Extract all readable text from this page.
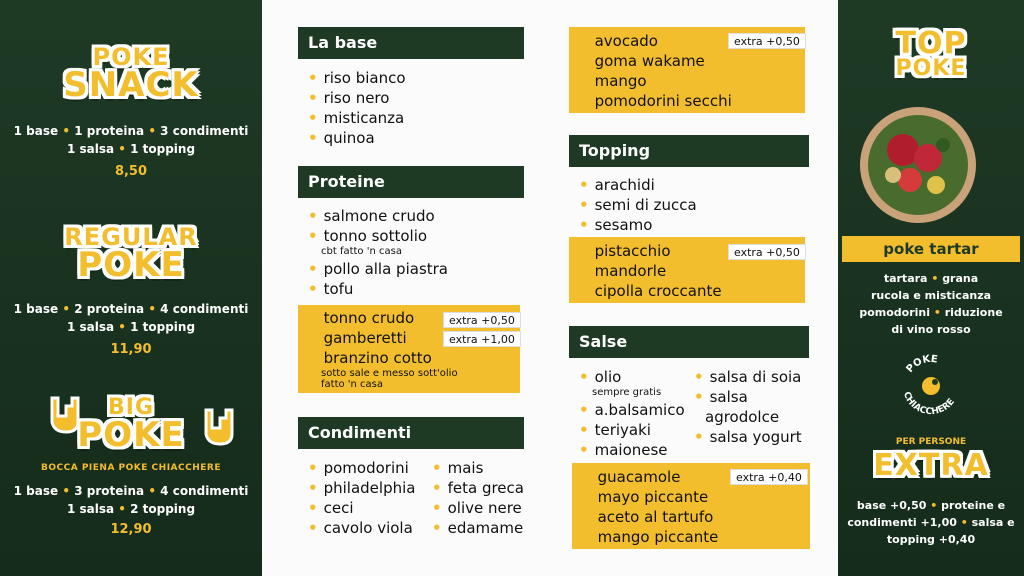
POKE
SNACK
1 base • 1 proteina • 3 condimenti
1 salsa • 1 topping
8,50
REGULAR
POKE
1 base • 2 proteina • 4 condimenti
1 salsa • 1 topping
11,90
BIG
POKE
BOCCA PIENA POKE CHIACCHERE
1 base • 3 proteina • 4 condimenti
1 salsa • 2 topping
12,90
La base
• riso bianco
• riso nero
• misticanza
• quinoa
Proteine
• salmone crudo
• tonno sottolio
cbt fatto 'n casa
• pollo alla piastra
• tofu
• tonno crudo
• gamberetti
• branzino cotto
sotto sale e messo sott'olio
fatto 'n casa
extra +0,50
extra +1,00
Condimenti
• pomodorini
• philadelphia
• ceci
• cavolo viola
• mais
• feta greca
• olive nere
• edamame
• avocado
• goma wakame
• mango
• pomodorini secchi
extra +0,50
Topping
• arachidi
• semi di zucca
• sesamo
• pistacchio
• mandorle
• cipolla croccante
extra +0,50
Salse
• olio
sempre gratis
• a.balsamico
• teriyaki
• maionese
• salsa di soia
• salsa
agrodolce
• salsa yogurt
• guacamole
• mayo piccante
• aceto al tartufo
• mango piccante
extra +0,40
TOP
POKE
poke tartar
tartara • grana
rucola e misticanza
pomodorini • riduzione
di vino rosso
POKE
CHIACCHERE
PER PERSONE
EXTRA
base +0,50 • proteine e
condimenti +1,00 • salsa e
topping +0,40
